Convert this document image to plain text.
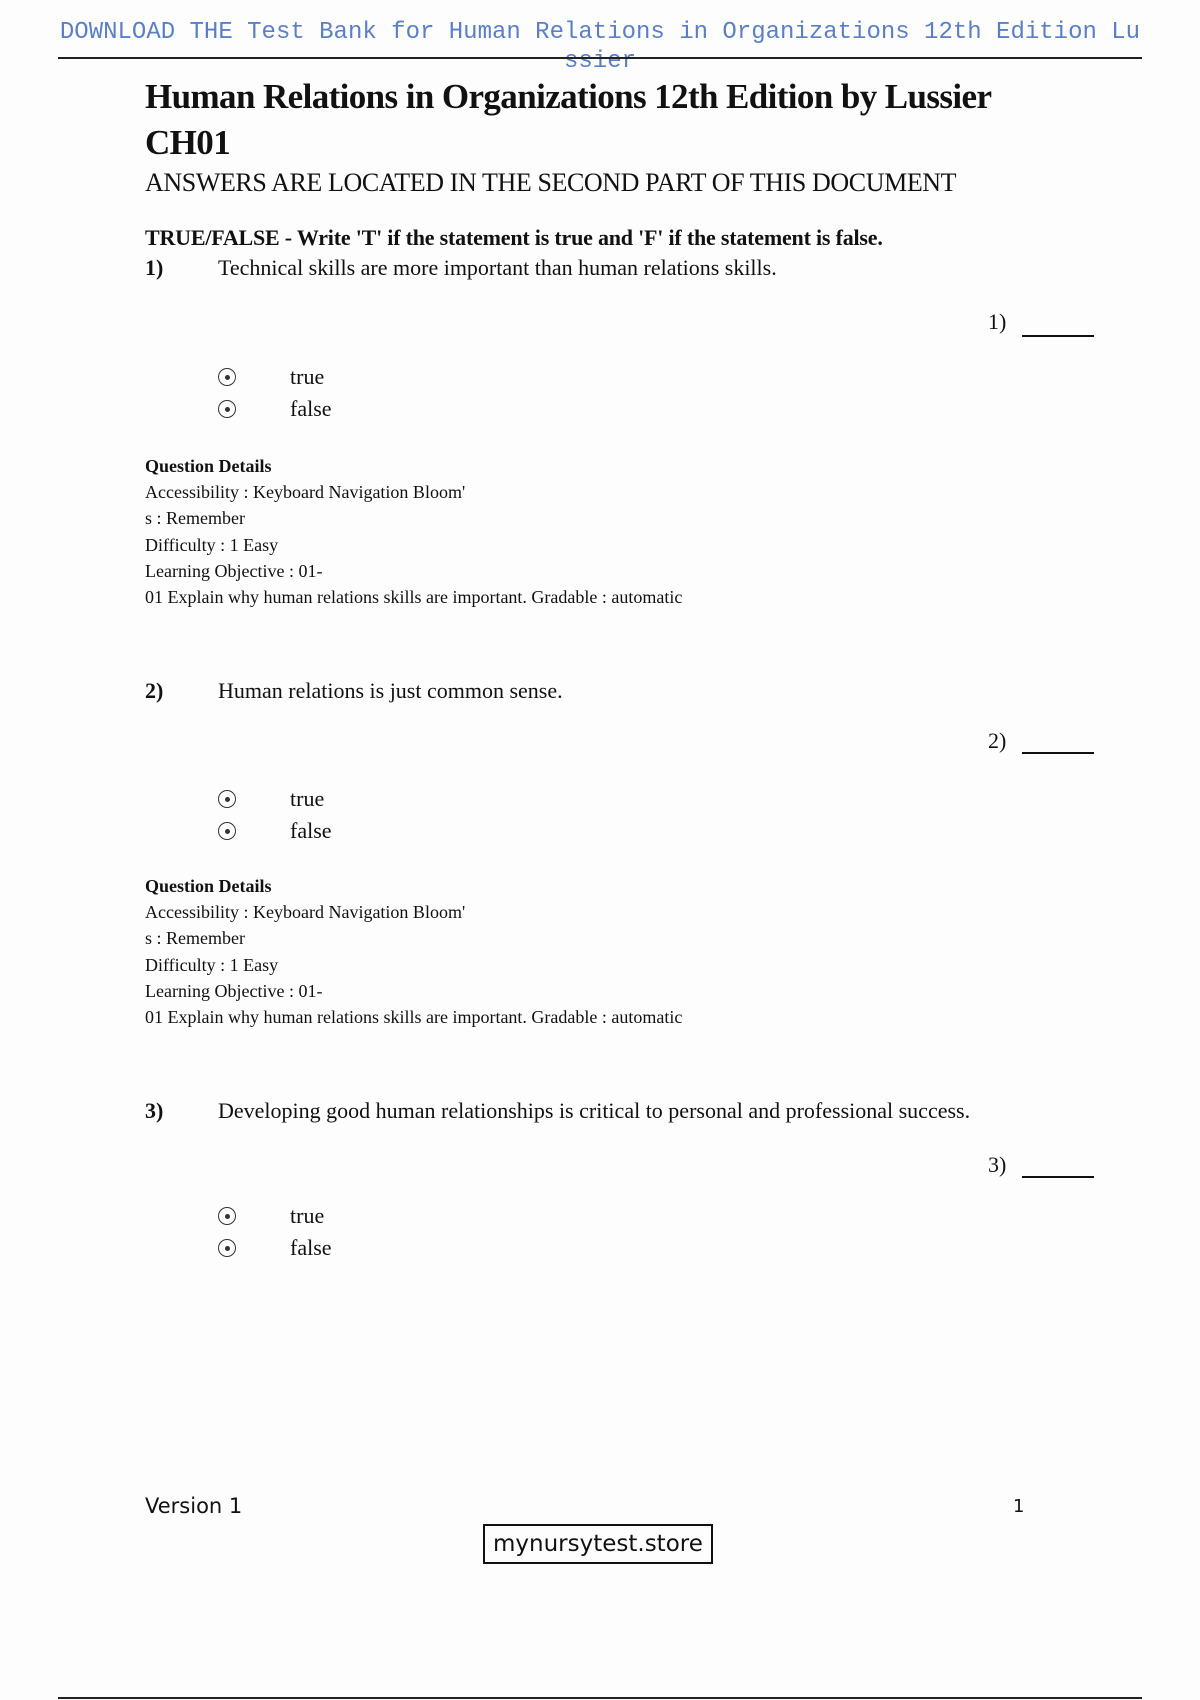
DOWNLOAD THE Test Bank for Human Relations in Organizations 12th Edition Lussier
Human Relations in Organizations 12th Edition by Lussier CH01
ANSWERS ARE LOCATED IN THE SECOND PART OF THIS DOCUMENT
TRUE/FALSE - Write 'T' if the statement is true and 'F' if the statement is false.
1) Technical skills are more important than human relations skills.
1)
true
false
Question Details
Accessibility : Keyboard Navigation Bloom'
s : Remember
Difficulty : 1 Easy
Learning Objective : 01-
01 Explain why human relations skills are important. Gradable : automatic
2) Human relations is just common sense.
2)
true
false
Question Details
Accessibility : Keyboard Navigation Bloom'
s : Remember
Difficulty : 1 Easy
Learning Objective : 01-
01 Explain why human relations skills are important. Gradable : automatic
3) Developing good human relationships is critical to personal and professional success.
3)
true
false
Version 1	1
mynursytest.store
